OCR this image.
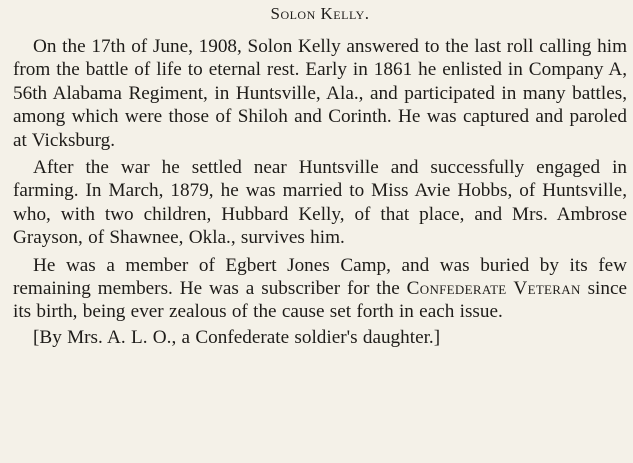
Solon Kelly.

On the 17th of June, 1908, Solon Kelly answered to the last roll calling him from the battle of life to eternal rest. Early in 1861 he enlisted in Company A, 56th Alabama Regiment, in Huntsville, Ala., and participated in many battles, among which were those of Shiloh and Corinth. He was captured and paroled at Vicksburg.

After the war he settled near Huntsville and successfully engaged in farming. In March, 1879, he was married to Miss Avie Hobbs, of Huntsville, who, with two children, Hubbard Kelly, of that place, and Mrs. Ambrose Grayson, of Shawnee, Okla., survives him.

He was a member of Egbert Jones Camp, and was buried by its few remaining members. He was a subscriber for the Confederate Veteran since its birth, being ever zealous of the cause set forth in each issue.

[By Mrs. A. L. O., a Confederate soldier's daughter.]
